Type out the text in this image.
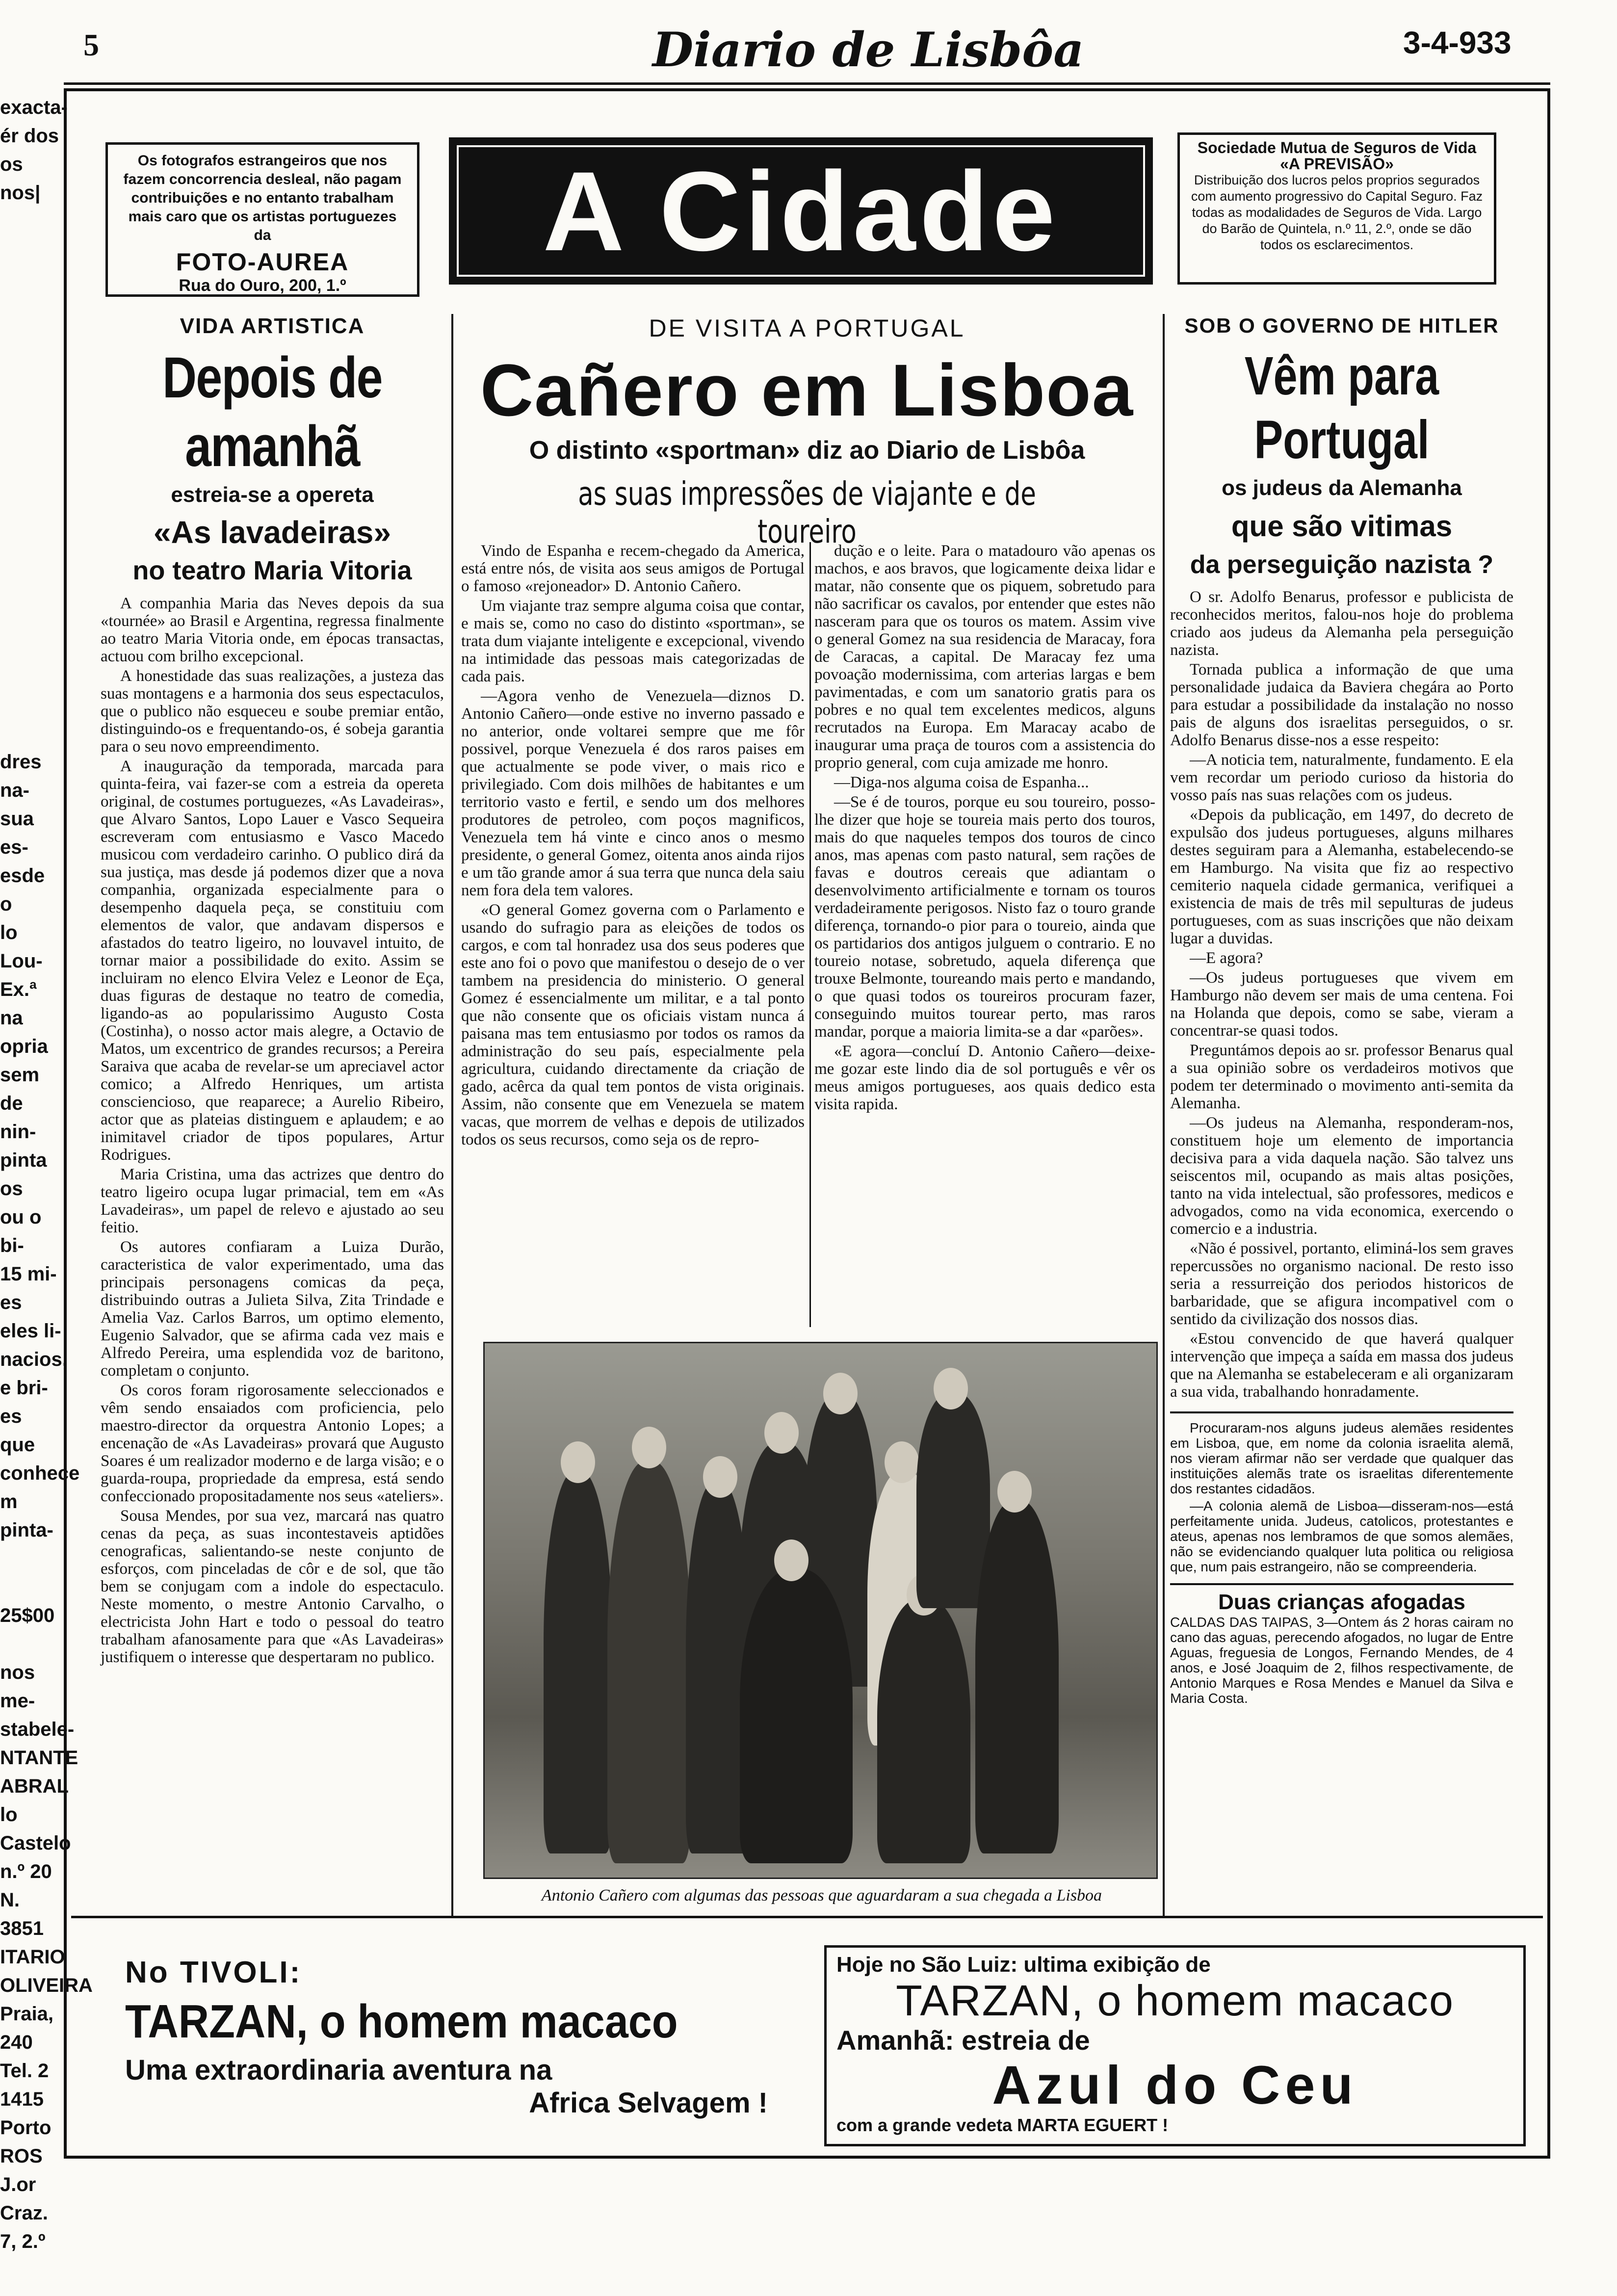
5	Diario de Lisbôa	3-4-933
exacta-
ér dos
os nos|

dres na-
sua es-
esde o
lo Lou-
Ex.ª na
opria
sem
de nin-
pinta os
ou o bi-
15 mi-
es eles li-
nacios,
e bri-
es que
conhece
m pinta-

25$00

nos me-
stabele-
NTANTE
ABRAL
lo Castelo
n.º 20
N. 3851
ITARIO
OLIVEIRA
Praia, 240
Tel. 2 1415
Porto
ROS J.or
Craz. 7, 2.º
Os fotografos estrangeiros que nos fazem concorrencia desleal, não pagam contribuições e no entanto trabalham mais caro que os artistas portuguezes da
FOTO-AUREA
Rua do Ouro, 200, 1.º
A Cidade
Sociedade Mutua de Seguros de Vida
«A PREVISÃO»
Distribuição dos lucros pelos proprios segurados com aumento progressivo do Capital Seguro. Faz todas as modalidades de Seguros de Vida. Largo do Barão de Quintela, n.º 11, 2.º, onde se dão todos os esclarecimentos.
VIDA ARTISTICA
Depois de amanhã
estreia-se a opereta
«As lavadeiras»
no teatro Maria Vitoria

A companhia Maria das Neves depois da sua «tournée» ao Brasil e Argentina, regressa finalmente ao teatro Maria Vitoria onde, em épocas transactas, actuou com brilho excepcional.

A honestidade das suas realizações, a justeza das suas montagens e a harmonia dos seus espectaculos, que o publico não esqueceu e soube premiar então, distinguindo-os e frequentando-os, é sobeja garantia para o seu novo empreendimento.

A inauguração da temporada, marcada para quinta-feira, vai fazer-se com a estreia da opereta original, de costumes portuguezes, «As Lavadeiras», que Alvaro Santos, Lopo Lauer e Vasco Sequeira escreveram com entusiasmo e Vasco Macedo musicou com verdadeiro carinho. O publico dirá da sua justiça, mas desde já podemos dizer que a nova companhia, organizada especialmente para o desempenho daquela peça, se constituiu com elementos de valor, que andavam dispersos e afastados do teatro ligeiro, no louvavel intuito, de tornar maior a possibilidade do exito. Assim se incluiram no elenco Elvira Velez e Leonor de Eça, duas figuras de destaque no teatro de comedia, ligando-as ao popularissimo Augusto Costa (Costinha), o nosso actor mais alegre, a Octavio de Matos, um excentrico de grandes recursos; a Pereira Saraiva que acaba de revelar-se um apreciavel actor comico; a Alfredo Henriques, um artista conscienciosо, que reaparece; a Aurelio Ribeiro, actor que as plateias distinguem e aplaudem; e ao inimitavel criador de tipos populares, Artur Rodrigues.

Maria Cristina, uma das actrizes que dentro do teatro ligeiro ocupa lugar primacial, tem em «As Lavadeiras», um papel de relevo e ajustado ao seu feitio.

Os autores confiaram a Luiza Durão, caracteristica de valor experimentado, uma das principais personagens comicas da peça, distribuindo outras a Julieta Silva, Zita Trindade e Amelia Vaz. Carlos Barros, um optimo elemento, Eugenio Salvador, que se afirma cada vez mais e Alfredo Pereira, uma esplendida voz de baritono, completam o conjunto.

Os coros foram rigorosamente seleccionados e vêm sendo ensaiados com proficiencia, pelo maestro-director da orquestra Antonio Lopes; a encenação de «As Lavadeiras» provará que Augusto Soares é um realizador moderno e de larga visão; e o guarda-roupa, propriedade da empresa, está sendo confeccionado propositadamente nos seus «ateliers».

Sousa Mendes, por sua vez, marcará nas quatro cenas da peça, as suas incontestaveis aptidões cenograficas, salientando-se neste conjunto de esforços, com pinceladas de côr e de sol, que tão bem se conjugam com a indole do espectaculo. Neste momento, o mestre Antonio Carvalho, o electricista John Hart e todo o pessoal do teatro trabalham afanosamente para que «As Lavadeiras» justifiquem o interesse que despertaram no publico.

DE VISITA A PORTUGAL
Cañero em Lisboa
O distinto «sportman» diz ao Diario de Lisbôa
as suas impressões de viajante e de toureiro

Vindo de Espanha e recem-chegado da America, está entre nós, de visita aos seus amigos de Portugal o famoso «rejoneador» D. Antonio Cañero.

Um viajante traz sempre alguma coisa que contar, e mais se, como no caso do distinto «sportman», se trata dum viajante inteligente e excepcional, vivendo na intimidade das pessoas mais categorizadas de cada pais.

—Agora venho de Venezuela—diznos D. Antonio Cañero—onde estive no inverno passado e no anterior, onde voltarei sempre que me fôr possivel, porque Venezuela é dos raros paises em que actualmente se pode viver, o mais rico e privilegiado. Com dois milhões de habitantes e um territorio vasto e fertil, e sendo um dos melhores produtores de petroleo, com poços magnificos, Venezuela tem há vinte e cinco anos o mesmo presidente, o general Gomez, oitenta anos ainda rijos e um tão grande amor á sua terra que nunca dela saiu nem fora dela tem valores.

«O general Gomez governa com o Parlamento e usando do sufragio para as eleições de todos os cargos, e com tal honradez usa dos seus poderes que este ano foi o povo que manifestou o desejo de o ver tambem na presidencia do ministerio. O general Gomez é essencialmente um militar, e a tal ponto que não consente que os oficiais vistam nunca á paisana mas tem entusiasmo por todos os ramos da administração do seu país, especialmente pela agricultura, cuidando directamente da criação de gado, acêrca da qual tem pontos de vista originais. Assim, não consente que em Venezuela se matem vacas, que morrem de velhas e depois de utilizados todos os seus recursos, como seja os de repro-

dução e o leite. Para o matadouro vão apenas os machos, e aos bravos, que logicamente deixa lidar e matar, não consente que os piquem, sobretudo para não sacrificar os cavalos, por entender que estes não nasceram para que os touros os matem. Assim vive o general Gomez na sua residencia de Maracay, fora de Caracas, a capital. De Maracay fez uma povoação modernissima, com arterias largas e bem pavimentadas, e com um sanatorio gratis para os pobres e no qual tem excelentes medicos, alguns recrutados na Europa. Em Maracay acabo de inaugurar uma praça de touros com a assistencia do proprio general, com cuja amizade me honro.

—Diga-nos alguma coisa de Espanha...

—Se é de touros, porque eu sou toureiro, posso-lhe dizer que hoje se toureia mais perto dos touros, mais do que naqueles tempos dos touros de cinco anos, mas apenas com pasto natural, sem rações de favas e doutros cereais que adiantam o desenvolvimento artificialmente e tornam os touros verdadeiramente perigosos. Nisto faz o touro grande diferença, tornando-o pior para o toureio, ainda que os partidarios dos antigos julguem o contrario. E no toureio notase, sobretudo, aquela diferença que trouxe Belmonte, toureando mais perto e mandando, o que quasi todos os toureiros procuram fazer, conseguindo muitos tourear perto, mas raros mandar, porque a maioria limita-se a dar «parões».

«E agora—concluí D. Antonio Cañero—deixe-me gozar este lindo dia de sol português e vêr os meus amigos portugueses, aos quais dedico esta visita rapida.

Antonio Cañero com algumas das pessoas que aguardaram a sua chegada a Lisboa
SOB O GOVERNO DE HITLER
Vêm para Portugal
os judeus da Alemanha
que são vitimas
da perseguição nazista ?

O sr. Adolfo Benarus, professor e publicista de reconhecidos meritos, falou-nos hoje do problema criado aos judeus da Alemanha pela perseguição nazista.

Tornada publica a informação de que uma personalidade judaica da Baviera chegára ao Porto para estudar a possibilidade da instalação no nosso pais de alguns dos israelitas perseguidos, o sr. Adolfo Benarus disse-nos a esse respeito:

—A noticia tem, naturalmente, fundamento. E ela vem recordar um periodo curioso da historia do vosso país nas suas relações com os judeus.

«Depois da publicação, em 1497, do decreto de expulsão dos judeus portugueses, alguns milhares destes seguiram para a Alemanha, estabelecendo-se em Hamburgo. Na visita que fiz ao respectivo cemiterio naquela cidade germanica, verifiquei a existencia de mais de três mil sepulturas de judeus portugueses, com as suas inscrições que não deixam lugar a duvidas.

—E agora?

—Os judeus portugueses que vivem em Hamburgo não devem ser mais de uma centena. Foi na Holanda que depois, como se sabe, vieram a concentrar-se quasi todos.

Preguntámos depois ao sr. professor Benarus qual a sua opinião sobre os verdadeiros motivos que podem ter determinado o movimento anti-semita da Alemanha.

—Os judeus na Alemanha, responderam-nos, constituem hoje um elemento de importancia decisiva para a vida daquela nação. São talvez uns seiscentos mil, ocupando as mais altas posições, tanto na vida intelectual, são professores, medicos e advogados, como na vida economica, exercendo o comercio e a industria.

«Não é possivel, portanto, eliminá-los sem graves repercussões no organismo nacional. De resto isso seria a ressurreição dos periodos historicos de barbaridade, que se afigura incompativel com o sentido da civilização dos nossos dias.

«Estou convencido de que haverá qualquer intervenção que impeça a saída em massa dos judeus que na Alemanha se estabeleceram e ali organizaram a sua vida, trabalhando honradamente.

Procuraram-nos alguns judeus alemães residentes em Lisboa, que, em nome da colonia israelita alemã, nos vieram afirmar não ser verdade que qualquer das instituições alemãs trate os israelitas diferentemente dos restantes cidadãos.

—A colonia alemã de Lisboa—disseram-nos—está perfeitamente unida. Judeus, catolicos, protestantes e ateus, apenas nos lembramos de que somos alemães, não se evidenciando qualquer luta politica ou religiosa que, num pais estrangeiro, não se compreenderia.

Duas crianças afogadas
CALDAS DAS TAIPAS, 3—Ontem ás 2 horas cairam no cano das aguas, perecendo afogados, no lugar de Entre Aguas, freguesia de Longos, Fernando Mendes, de 4 anos, e José Joaquim de 2, filhos respectivamente, de Antonio Marques e Rosa Mendes e Manuel da Silva e Maria Costa.
No TIVOLI:
TARZAN, o homem macaco
Uma extraordinaria aventura na
Africa Selvagem !
Hoje no São Luiz: ultima exibição de
TARZAN, o homem macaco
Amanhã: estreia de
Azul do Ceu
com a grande vedeta MARTA EGUERT !
